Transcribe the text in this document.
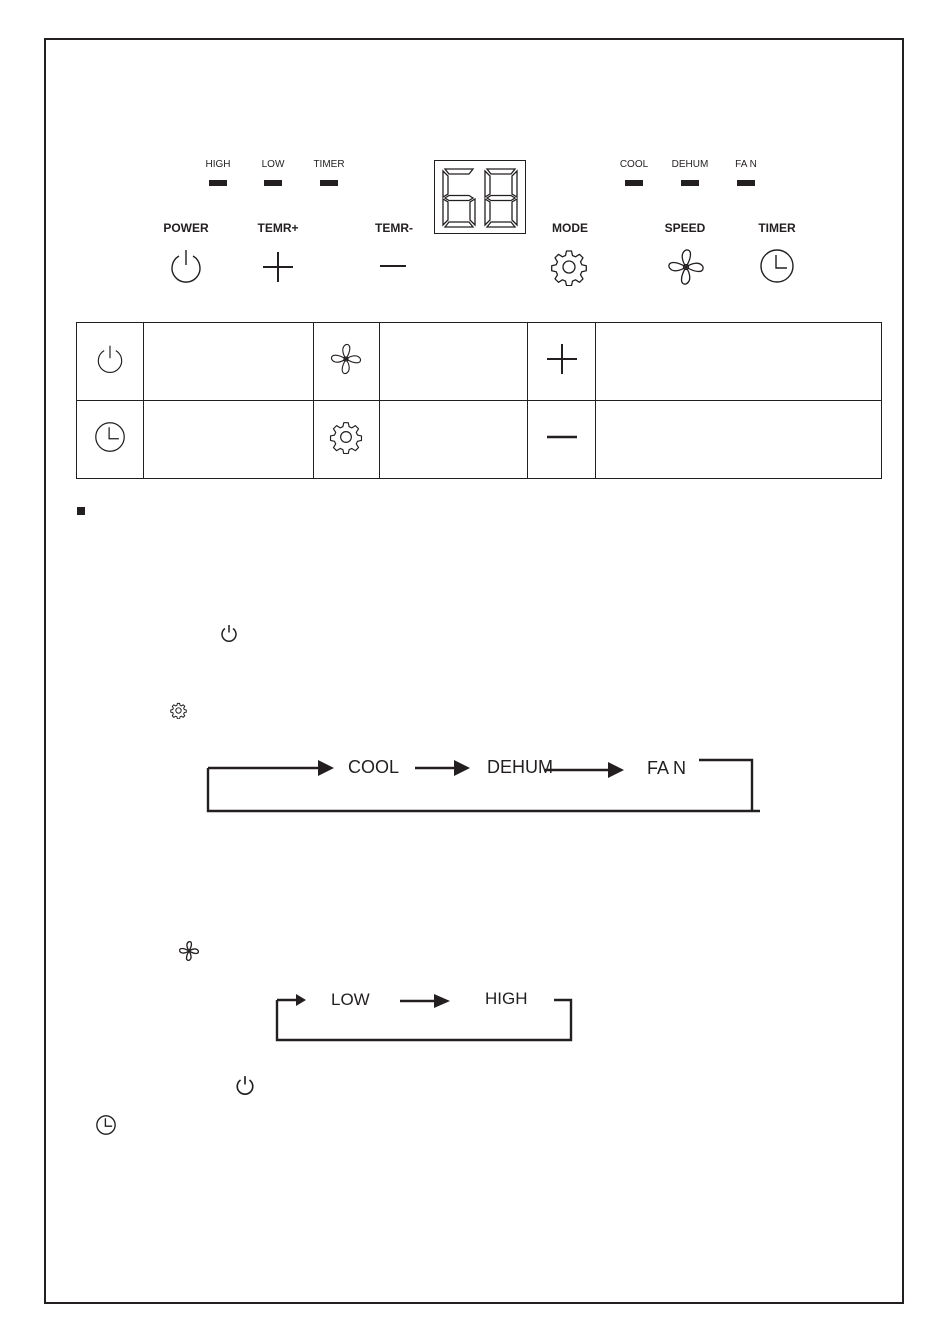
HIGH	LOW	TIMER	COOL	DEHUM	FA N
POWER	TEMR+	TEMR-	MODE	SPEED	TIMER

COOL	DEHUM	FA N
LOW	HIGH
